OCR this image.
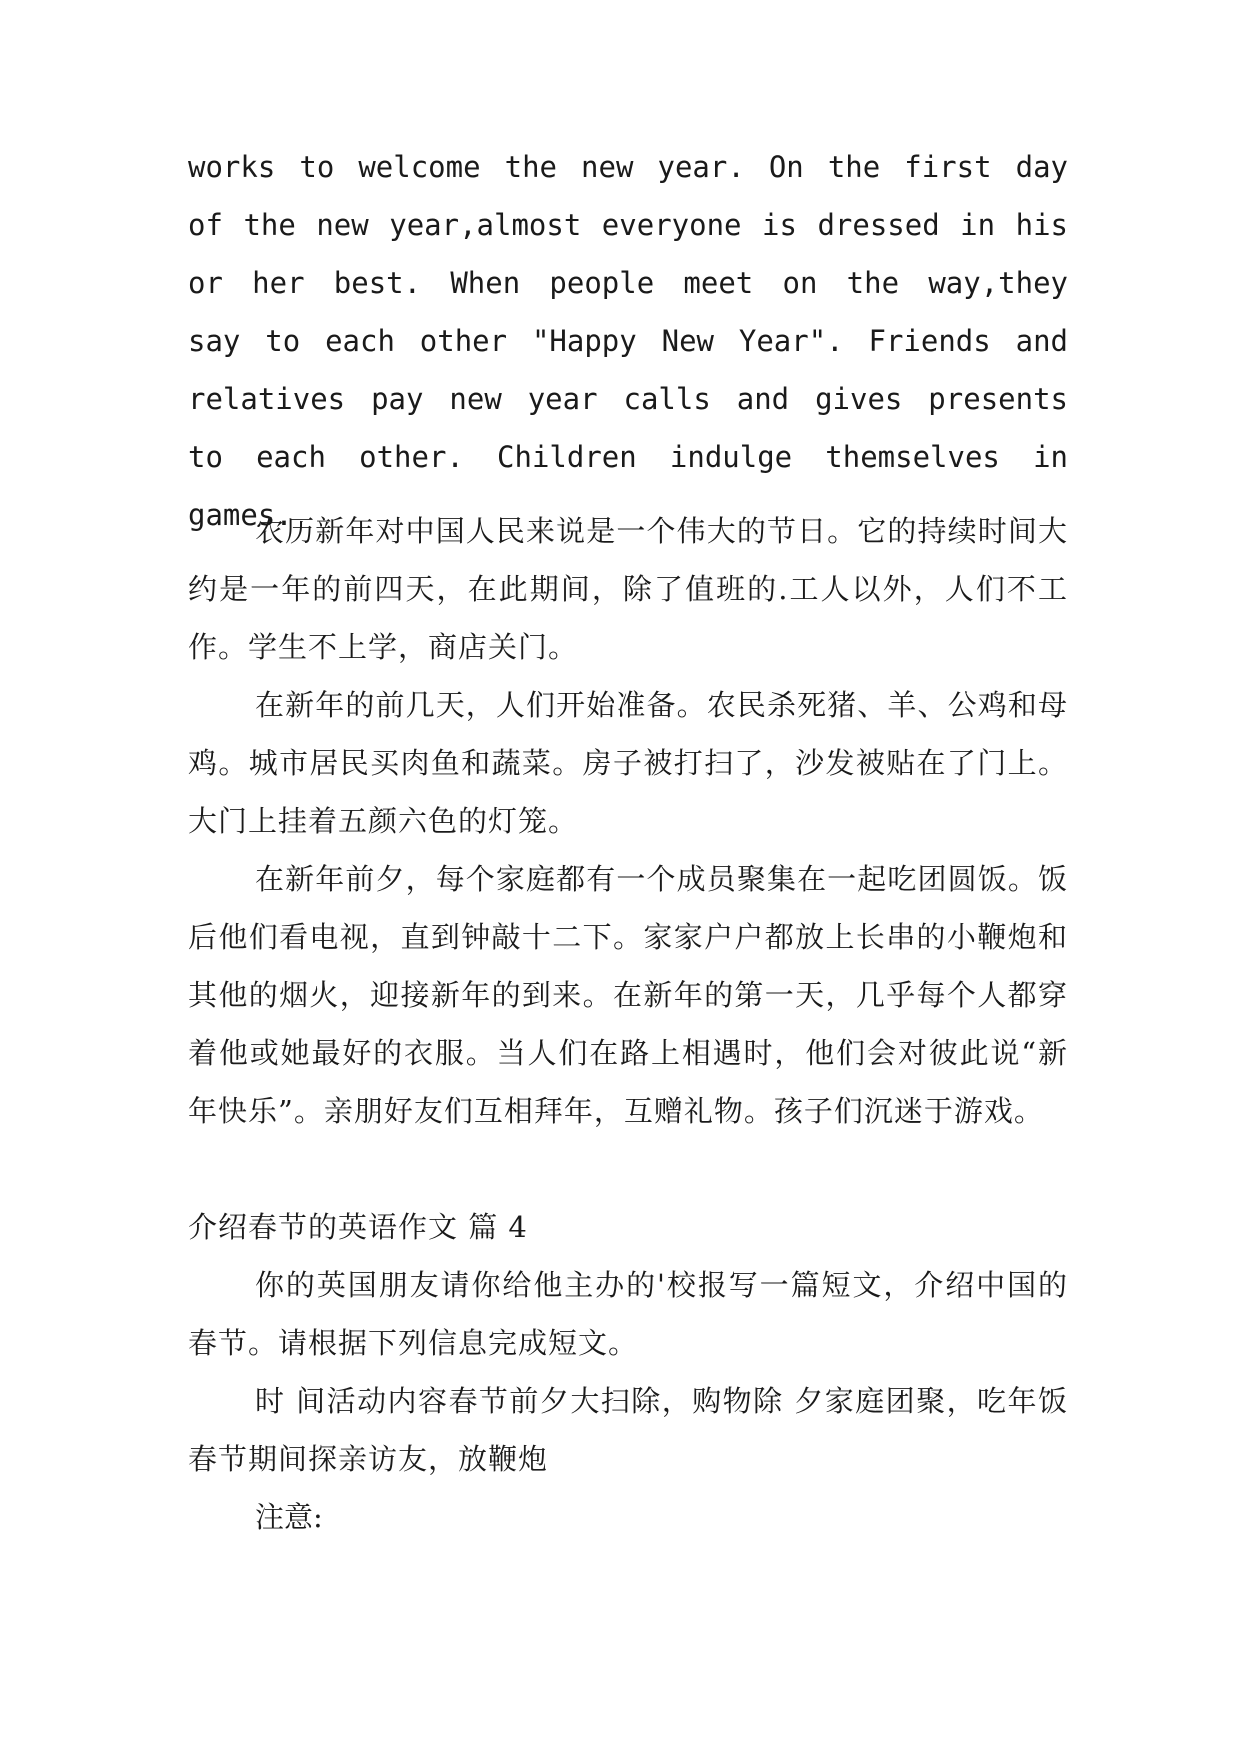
works to welcome the new year. On the first day of the new year,almost everyone is dressed in his or her best. When people meet on the way,they say to each other "Happy New Year". Friends and relatives pay new year calls and gives presents to each other. Children indulge themselves in games.

农历新年对中国人民来说是一个伟大的节日。它的持续时间大约是一年的前四天，在此期间，除了值班的.工人以外，人们不工作。学生不上学，商店关门。

在新年的前几天，人们开始准备。农民杀死猪、羊、公鸡和母鸡。城市居民买肉鱼和蔬菜。房子被打扫了，沙发被贴在了门上。大门上挂着五颜六色的灯笼。

在新年前夕，每个家庭都有一个成员聚集在一起吃团圆饭。饭后他们看电视，直到钟敲十二下。家家户户都放上长串的小鞭炮和其他的烟火，迎接新年的到来。在新年的第一天，几乎每个人都穿着他或她最好的衣服。当人们在路上相遇时，他们会对彼此说“新年快乐”。亲朋好友们互相拜年，互赠礼物。孩子们沉迷于游戏。

介绍春节的英语作文 篇 4

你的英国朋友请你给他主办的'校报写一篇短文，介绍中国的春节。请根据下列信息完成短文。

时 间活动内容春节前夕大扫除，购物除 夕家庭团聚，吃年饭春节期间探亲访友，放鞭炮

注意:
